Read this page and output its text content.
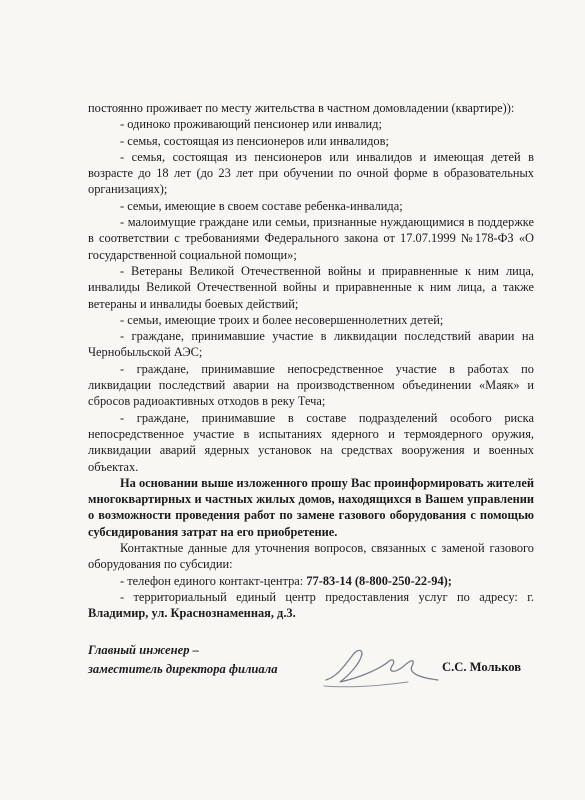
постоянно проживает по месту жительства в частном домовладении (квартире)):

- одиноко проживающий пенсионер или инвалид;

- семья, состоящая из пенсионеров или инвалидов;

- семья, состоящая из пенсионеров или инвалидов и имеющая детей в возрасте до 18 лет (до 23 лет при обучении по очной форме в образовательных организациях);

- семьи, имеющие в своем составе ребенка-инвалида;

- малоимущие граждане или семьи, признанные нуждающимися в поддержке в соответствии с требованиями Федерального закона от 17.07.1999 №178-ФЗ «О государственной социальной помощи»;

- Ветераны Великой Отечественной войны и приравненные к ним лица, инвалиды Великой Отечественной войны и приравненные к ним лица, а также ветераны и инвалиды боевых действий;

- семьи, имеющие троих и более несовершеннолетних детей;

- граждане, принимавшие участие в ликвидации последствий аварии на Чернобыльской АЭС;

- граждане, принимавшие непосредственное участие в работах по ликвидации последствий аварии на производственном объединении «Маяк» и сбросов радиоактивных отходов в реку Теча;

- граждане, принимавшие в составе подразделений особого риска непосредственное участие в испытаниях ядерного и термоядерного оружия, ликвидации аварий ядерных установок на средствах вооружения и военных объектах.

На основании выше изложенного прошу Вас проинформировать жителей многоквартирных и частных жилых домов, находящихся в Вашем управлении о возможности проведения работ по замене газового оборудования с помощью субсидирования затрат на его приобретение.

Контактные данные для уточнения вопросов, связанных с заменой газового оборудования по субсидии:

- телефон единого контакт-центра: 77-83-14 (8-800-250-22-94);

- территориальный единый центр предоставления услуг по адресу: г. Владимир, ул. Краснознаменная, д.3.

Главный инженер –
заместитель директора филиала	С.С. Мольков
